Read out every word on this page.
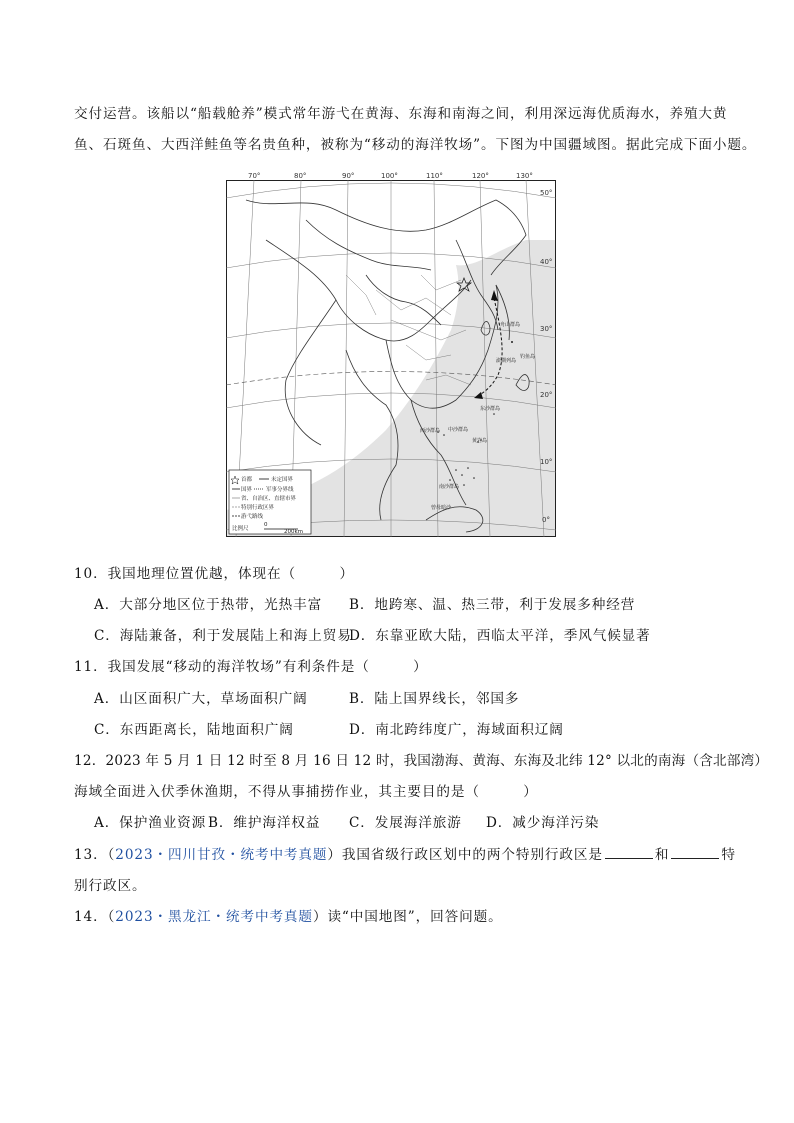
交付运营。该船以“船载舱养”模式常年游弋在黄海、东海和南海之间，利用深远海优质海水，养殖大黄
鱼、石斑鱼、大西洋鲑鱼等名贵鱼种，被称为“移动的海洋牧场”。下图为中国疆域图。据此完成下面小题。
舟山群岛
澎湖列岛
钓鱼岛
东沙群岛
西沙群岛 中沙群岛
黄岩岛
南沙群岛
曾母暗沙
70°	80°	90°	100°	110°	120°	130°
50°
40°
30°
20°
10°
0°
首都	未定国界
国界	军事分界线
省、自治区、直辖市界
特别行政区界
游弋路线
比例尺
0
200km
10．我国地理位置优越，体现在（　　　）
A．大部分地区位于热带，光热丰富 B．地跨寒、温、热三带，利于发展多种经营
C．海陆兼备，利于发展陆上和海上贸易
D．东靠亚欧大陆，西临太平洋，季风气候显著
11．我国发展“移动的海洋牧场”有利条件是（　　　）
A．山区面积广大，草场面积广阔	B．陆上国界线长，邻国多
C．东西距离长，陆地面积广阔	D．南北跨纬度广，海域面积辽阔
12．2023 年 5 月 1 日 12 时至 8 月 16 日 12 时，我国渤海、黄海、东海及北纬 12° 以北的南海（含北部湾）
海域全面进入伏季休渔期，不得从事捕捞作业，其主要目的是（　　　）
A．保护渔业资源 B．维护海洋权益 C．发展海洋旅游 D．减少海洋污染
13．（2023・四川甘孜・统考中考真题）我国省级行政区划中的两个特别行政区是	和	特
别行政区。
14．（2023・黑龙江・统考中考真题）读“中国地图”，回答问题。
